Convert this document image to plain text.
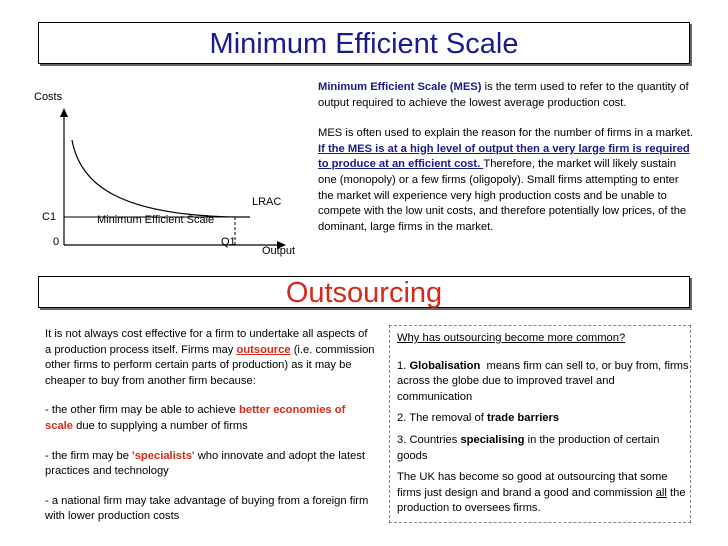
Minimum Efficient Scale
Costs
C1
0
Minimum Efficient Scale
LRAC
Q1
Output
Minimum Efficient Scale (MES) is the term used to refer to the quantity of output required to achieve the lowest average production cost.
MES is often used to explain the reason for the number of firms in a market. If the MES is at a high level of output then a very large firm is required to produce at an efficient cost. Therefore, the market will likely sustain one (monopoly) or a few firms (oligopoly). Small firms attempting to enter the market will experience very high production costs and be unable to compete with the low unit costs, and therefore potentially low prices, of the dominant, large firms in the market.
Outsourcing

It is not always cost effective for a firm to undertake all aspects of a production process itself. Firms may outsource (i.e. commission other firms to perform certain parts of production) as it may be cheaper to buy from another firm because:

- the other firm may be able to achieve better economies of scale due to supplying a number of firms

- the firm may be 'specialists' who innovate and adopt the latest practices and technology

- a national firm may take advantage of buying from a foreign firm with lower production costs

Why has outsourcing become more common?

1. Globalisation  means firm can sell to, or buy from, firms across the globe due to improved travel and communication

2. The removal of trade barriers

3. Countries specialising in the production of certain goods

The UK has become so good at outsourcing that some firms just design and brand a good and commission all the production to oversees firms.
